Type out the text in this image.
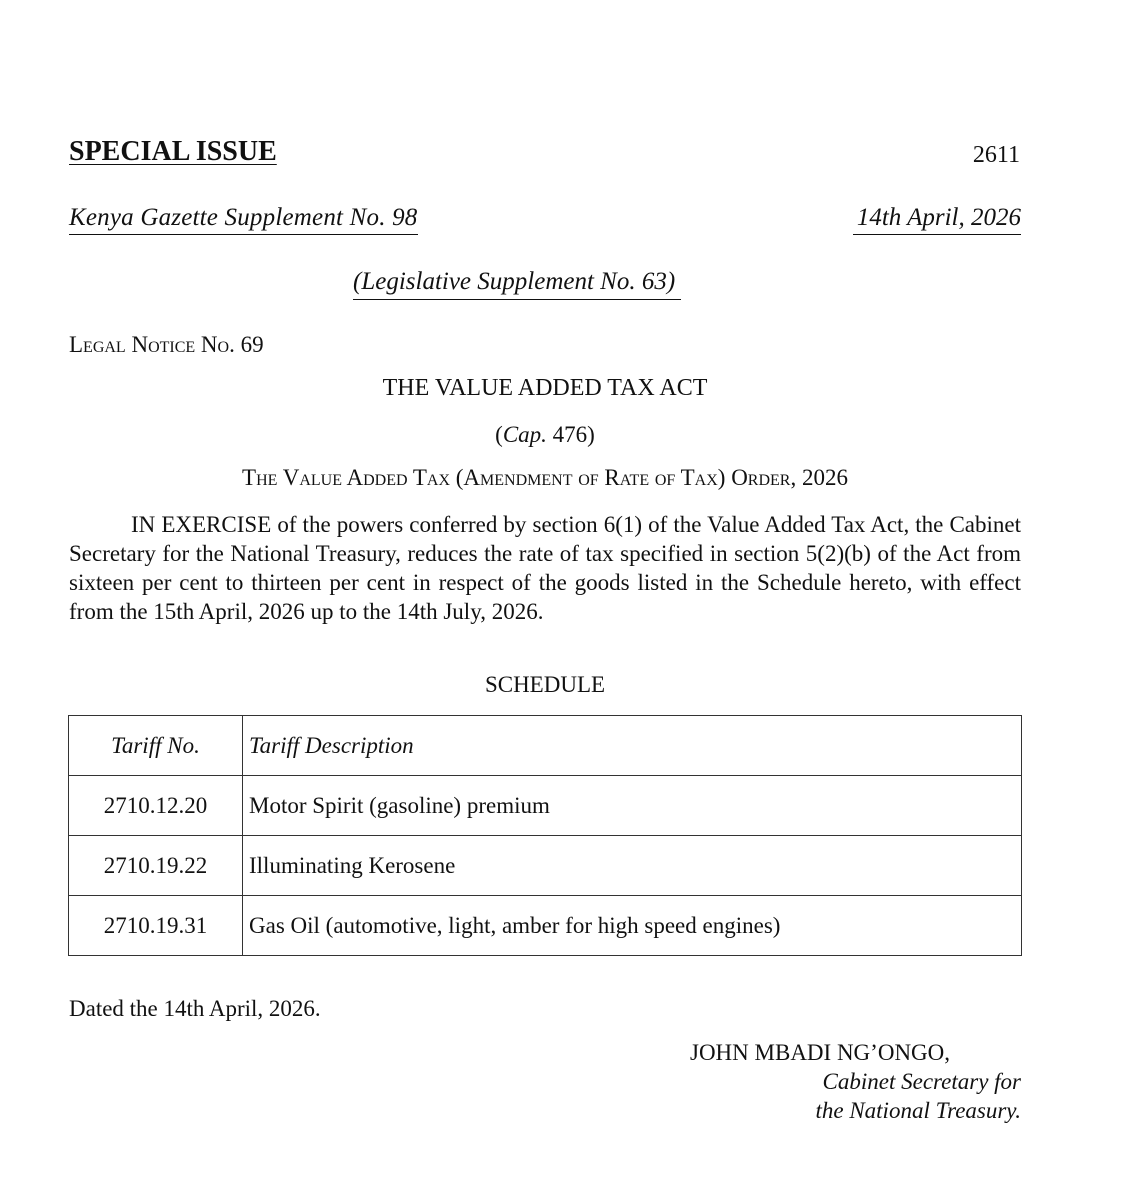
SPECIAL ISSUE	2611
Kenya Gazette Supplement No. 98	14th April, 2026
(Legislative Supplement No. 63)
Legal Notice No. 69
THE VALUE ADDED TAX ACT
(Cap. 476)
The Value Added Tax (Amendment of Rate of Tax) Order, 2026

IN EXERCISE of the powers conferred by section 6(1) of the Value Added Tax Act, the Cabinet Secretary for the National Treasury, reduces the rate of tax specified in section 5(2)(b) of the Act from sixteen per cent to thirteen per cent in respect of the goods listed in the Schedule hereto, with effect from the 15th April, 2026 up to the 14th July, 2026.

SCHEDULE
Tariff No.	Tariff Description
2710.12.20	Motor Spirit (gasoline) premium
2710.19.22	Illuminating Kerosene
2710.19.31	Gas Oil (automotive, light, amber for high speed engines)
Dated the 14th April, 2026.
JOHN MBADI NG’ONGO,
Cabinet Secretary for
the National Treasury.
